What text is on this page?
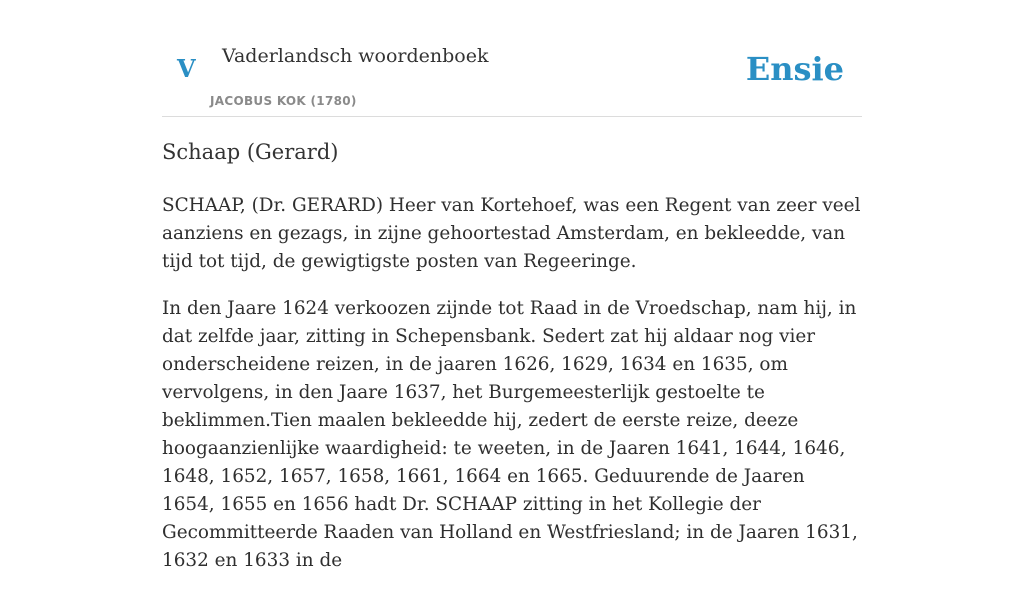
V Vaderlandsch woordenboek
JACOBUS KOK (1780)
Ensie
Schaap (Gerard)

SCHAAP, (Dr. GERARD) Heer van Kortehoef, was een Regent van zeer veel aanziens en gezags, in zijne gehoortestad Amsterdam, en bekleedde, van tijd tot tijd, de gewigtigste posten van Regeeringe.

In den Jaare 1624 verkoozen zijnde tot Raad in de Vroedschap, nam hij, in dat zelfde jaar, zitting in Schepensbank. Sedert zat hij aldaar nog vier onderscheidene reizen, in de jaaren 1626, 1629, 1634 en 1635, om vervolgens, in den Jaare 1637, het Burgemeesterlijk gestoelte te beklimmen.Tien maalen bekleedde hij, zedert de eerste reize, deeze hoogaanzienlijke waardigheid: te weeten, in de Jaaren 1641, 1644, 1646, 1648, 1652, 1657, 1658, 1661, 1664 en 1665. Geduurende de Jaaren 1654, 1655 en 1656 hadt Dr. SCHAAP zitting in het Kollegie der Gecommitteerde Raaden van Holland en Westfriesland; in de Jaaren 1631, 1632 en 1633 in de
